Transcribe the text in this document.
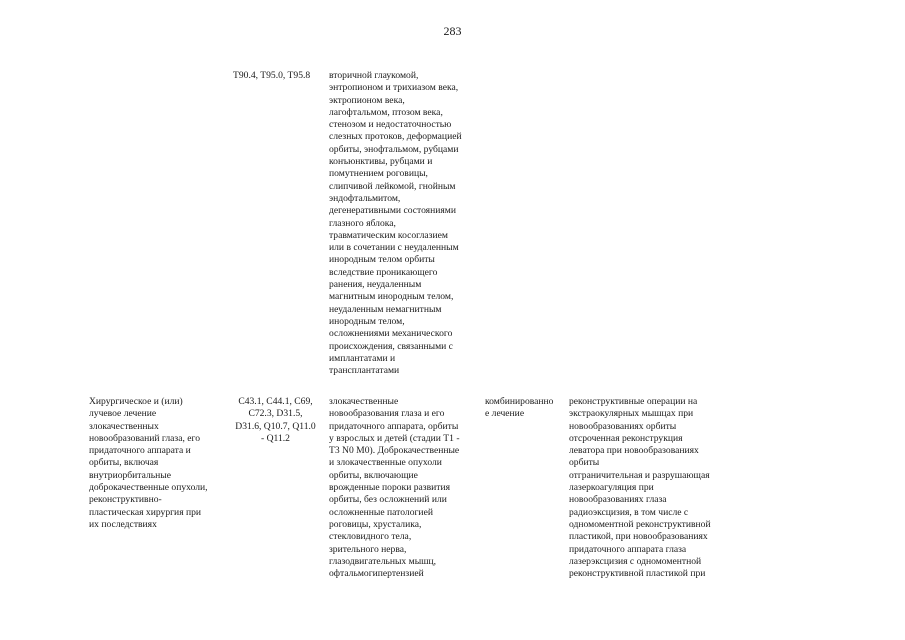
283
T90.4, T95.0, T95.8	вторичной глаукомой,
энтропионом и трихиазом века,
эктропионом века,
лагофтальмом, птозом века,
стенозом и недостаточностью
слезных протоков, деформацией
орбиты, энофтальмом, рубцами
конъюнктивы, рубцами и
помутнением роговицы,
слипчивой лейкомой, гнойным
эндофтальмитом,
дегенеративными состояниями
глазного яблока,
травматическим косоглазием
или в сочетании с неудаленным
инородным телом орбиты
вследствие проникающего
ранения, неудаленным
магнитным инородным телом,
неудаленным немагнитным
инородным телом,
осложнениями механического
происхождения, связанными с
имплантатами и
трансплантатами
Хирургическое и (или)
лучевое лечение
злокачественных
новообразований глаза, его
придаточного аппарата и
орбиты, включая
внутриорбитальные
доброкачественные опухоли,
реконструктивно-
пластическая хирургия при
их последствиях
C43.1, C44.1, C69,
C72.3, D31.5,
D31.6, Q10.7, Q11.0
- Q11.2
злокачественные
новообразования глаза и его
придаточного аппарата, орбиты
у взрослых и детей (стадии T1 -
T3 N0 M0). Доброкачественные
и злокачественные опухоли
орбиты, включающие
врожденные пороки развития
орбиты, без осложнений или
осложненные патологией
роговицы, хрусталика,
стекловидного тела,
зрительного нерва,
глазодвигательных мышц,
офтальмогипертензией
комбинированно
е лечение
реконструктивные операции на
экстраокулярных мышцах при
новообразованиях орбиты
отсроченная реконструкция
леватора при новообразованиях
орбиты
отграничительная и разрушающая
лазеркоагуляция при
новообразованиях глаза
радиоэксцизия, в том числе с
одномоментной реконструктивной
пластикой, при новообразованиях
придаточного аппарата глаза
лазерэксцизия с одномоментной
реконструктивной пластикой при
